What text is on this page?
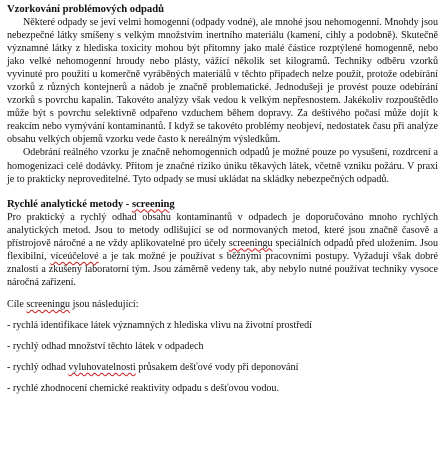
Vzorkování problémových odpadů

Některé odpady se jeví velmi homogenní (odpady vodné), ale mnohé jsou nehomogenní. Mnohdy jsou nebezpečné látky smíšeny s velkým množstvím inertního materiálu (kamení, cihly a podobně). Skutečně významné látky z hlediska toxicity mohou být přítomny jako malé částice rozptýlené homogenně, nebo jako velké nehomogenní hroudy nebo plásty, vážící několik set kilogramů. Techniky odběru vzorků vyvinuté pro použití u komerčně vyráběných materiálů v těchto případech nelze použít, protože odebírání vzorků z různých kontejnerů a nádob je značně problematické. Jednodušeji je provést pouze odebírání vzorků s povrchu kapalin. Takovéto analýzy však vedou k velkým nepřesnostem. Jakékoliv rozpouštědlo může být s povrchu selektivně odpařeno vzduchem během dopravy. Za deštivého počasí může dojít k reakcím nebo vymývání kontaminantů. I když se takovéto problémy neobjeví, nedostatek času při analýze obsahu velkých objemů vzorku vede často k nereálným výsledkům.

Odebrání reálného vzorku je značně nehomogenních odpadů je možné pouze po vysušení, rozdrcení a homogenizaci celé dodávky. Přitom je značné riziko úniku těkavých látek, včetně vzniku požáru. V praxi je to prakticky neproveditelné. Tyto odpady se musí ukládat na skládky nebezpečných odpadů.

Rychlé analytické metody - screening

Pro praktický a rychlý odhad obsahu kontaminantů v odpadech je doporučováno mnoho rychlých analytických metod. Jsou to metody odlišující se od normovaných metod, které jsou značně časově a přístrojově náročné a ne vždy aplikovatelné pro účely screeningu speciálních odpadů před uložením. Jsou flexibilní, víceúčelové a je tak možné je používat s běžnými pracovními postupy. Vyžadují však dobré znalosti a zkušený laboratorní tým. Jsou záměrně vedeny tak, aby nebylo nutné používat techniky vysoce náročná zařízení.

Cíle screeningu jsou následující:

- rychlá identifikace látek významných z hlediska vlivu na životní prostředí

- rychlý odhad množství těchto látek v odpadech

- rychlý odhad vyluhovatelnosti průsakem dešťové vody při deponování

- rychlé zhodnocení chemické reaktivity odpadu s dešťovou vodou.
